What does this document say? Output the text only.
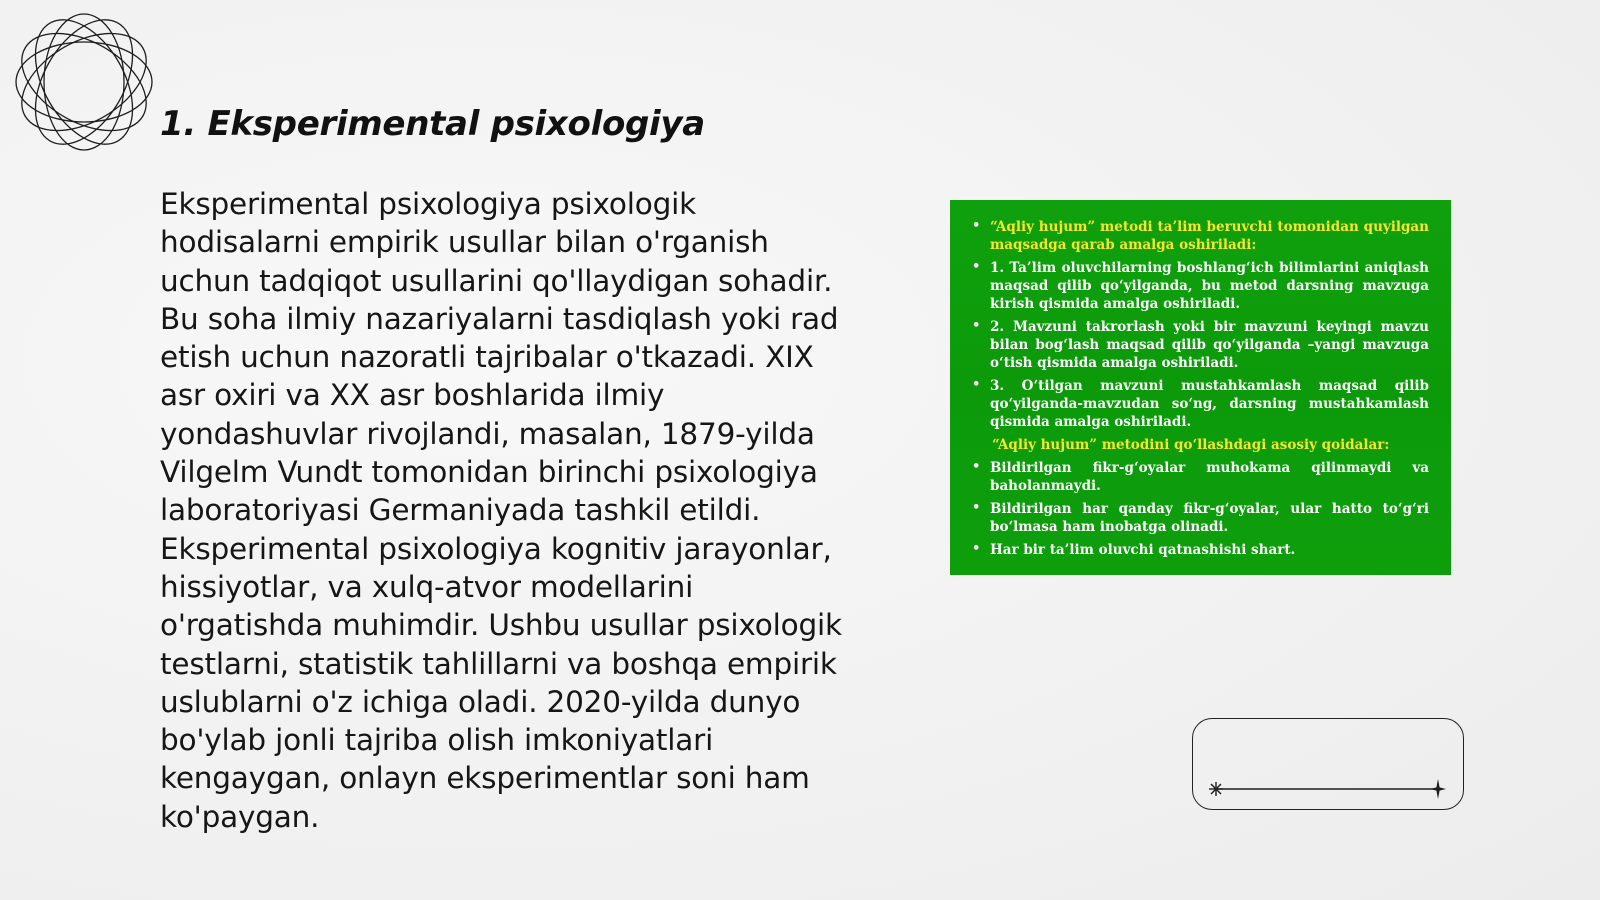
1. Eksperimental psixologiya

Eksperimental psixologiya psixologik hodisalarni empirik usullar bilan o'rganish uchun tadqiqot usullarini qo'llaydigan sohadir. Bu soha ilmiy nazariyalarni tasdiqlash yoki rad etish uchun nazoratli tajribalar o'tkazadi. XIX asr oxiri va XX asr boshlarida ilmiy yondashuvlar rivojlandi, masalan, 1879-yilda Vilgelm Vundt tomonidan birinchi psixologiya laboratoriyasi Germaniyada tashkil etildi. Eksperimental psixologiya kognitiv jarayonlar, hissiyotlar, va xulq-atvor modellarini o'rgatishda muhimdir. Ushbu usullar psixologik testlarni, statistik tahlillarni va boshqa empirik uslublarni o'z ichiga oladi. 2020-yilda dunyo bo'ylab jonli tajriba olish imkoniyatlari kengaygan, onlayn eksperimentlar soni ham ko'paygan.

• “Aqliy hujum” metodi ta’lim beruvchi tomonidan quyilgan maqsadga qarab amalga oshiriladi:
• 1. Ta’lim oluvchilarning boshlang‘ich bilimlarini aniqlash maqsad qilib qo‘yilganda, bu metod darsning mavzuga kirish qismida amalga oshiriladi.
• 2. Mavzuni takrorlash yoki bir mavzuni keyingi mavzu bilan bog‘lash maqsad qilib qo‘yilganda –yangi mavzuga o‘tish qismida amalga oshiriladi.
• 3. O‘tilgan mavzuni mustahkamlash maqsad qilib qo‘yilganda-mavzudan so‘ng, darsning mustahkamlash qismida amalga oshiriladi.
“Aqliy hujum” metodini qo‘llashdagi asosiy qoidalar:
• Bildirilgan fikr-g‘oyalar muhokama qilinmaydi va baholanmaydi.
• Bildirilgan har qanday fikr-g‘oyalar, ular hatto to‘g‘ri bo‘lmasa ham inobatga olinadi.
• Har bir ta’lim oluvchi qatnashishi shart.
